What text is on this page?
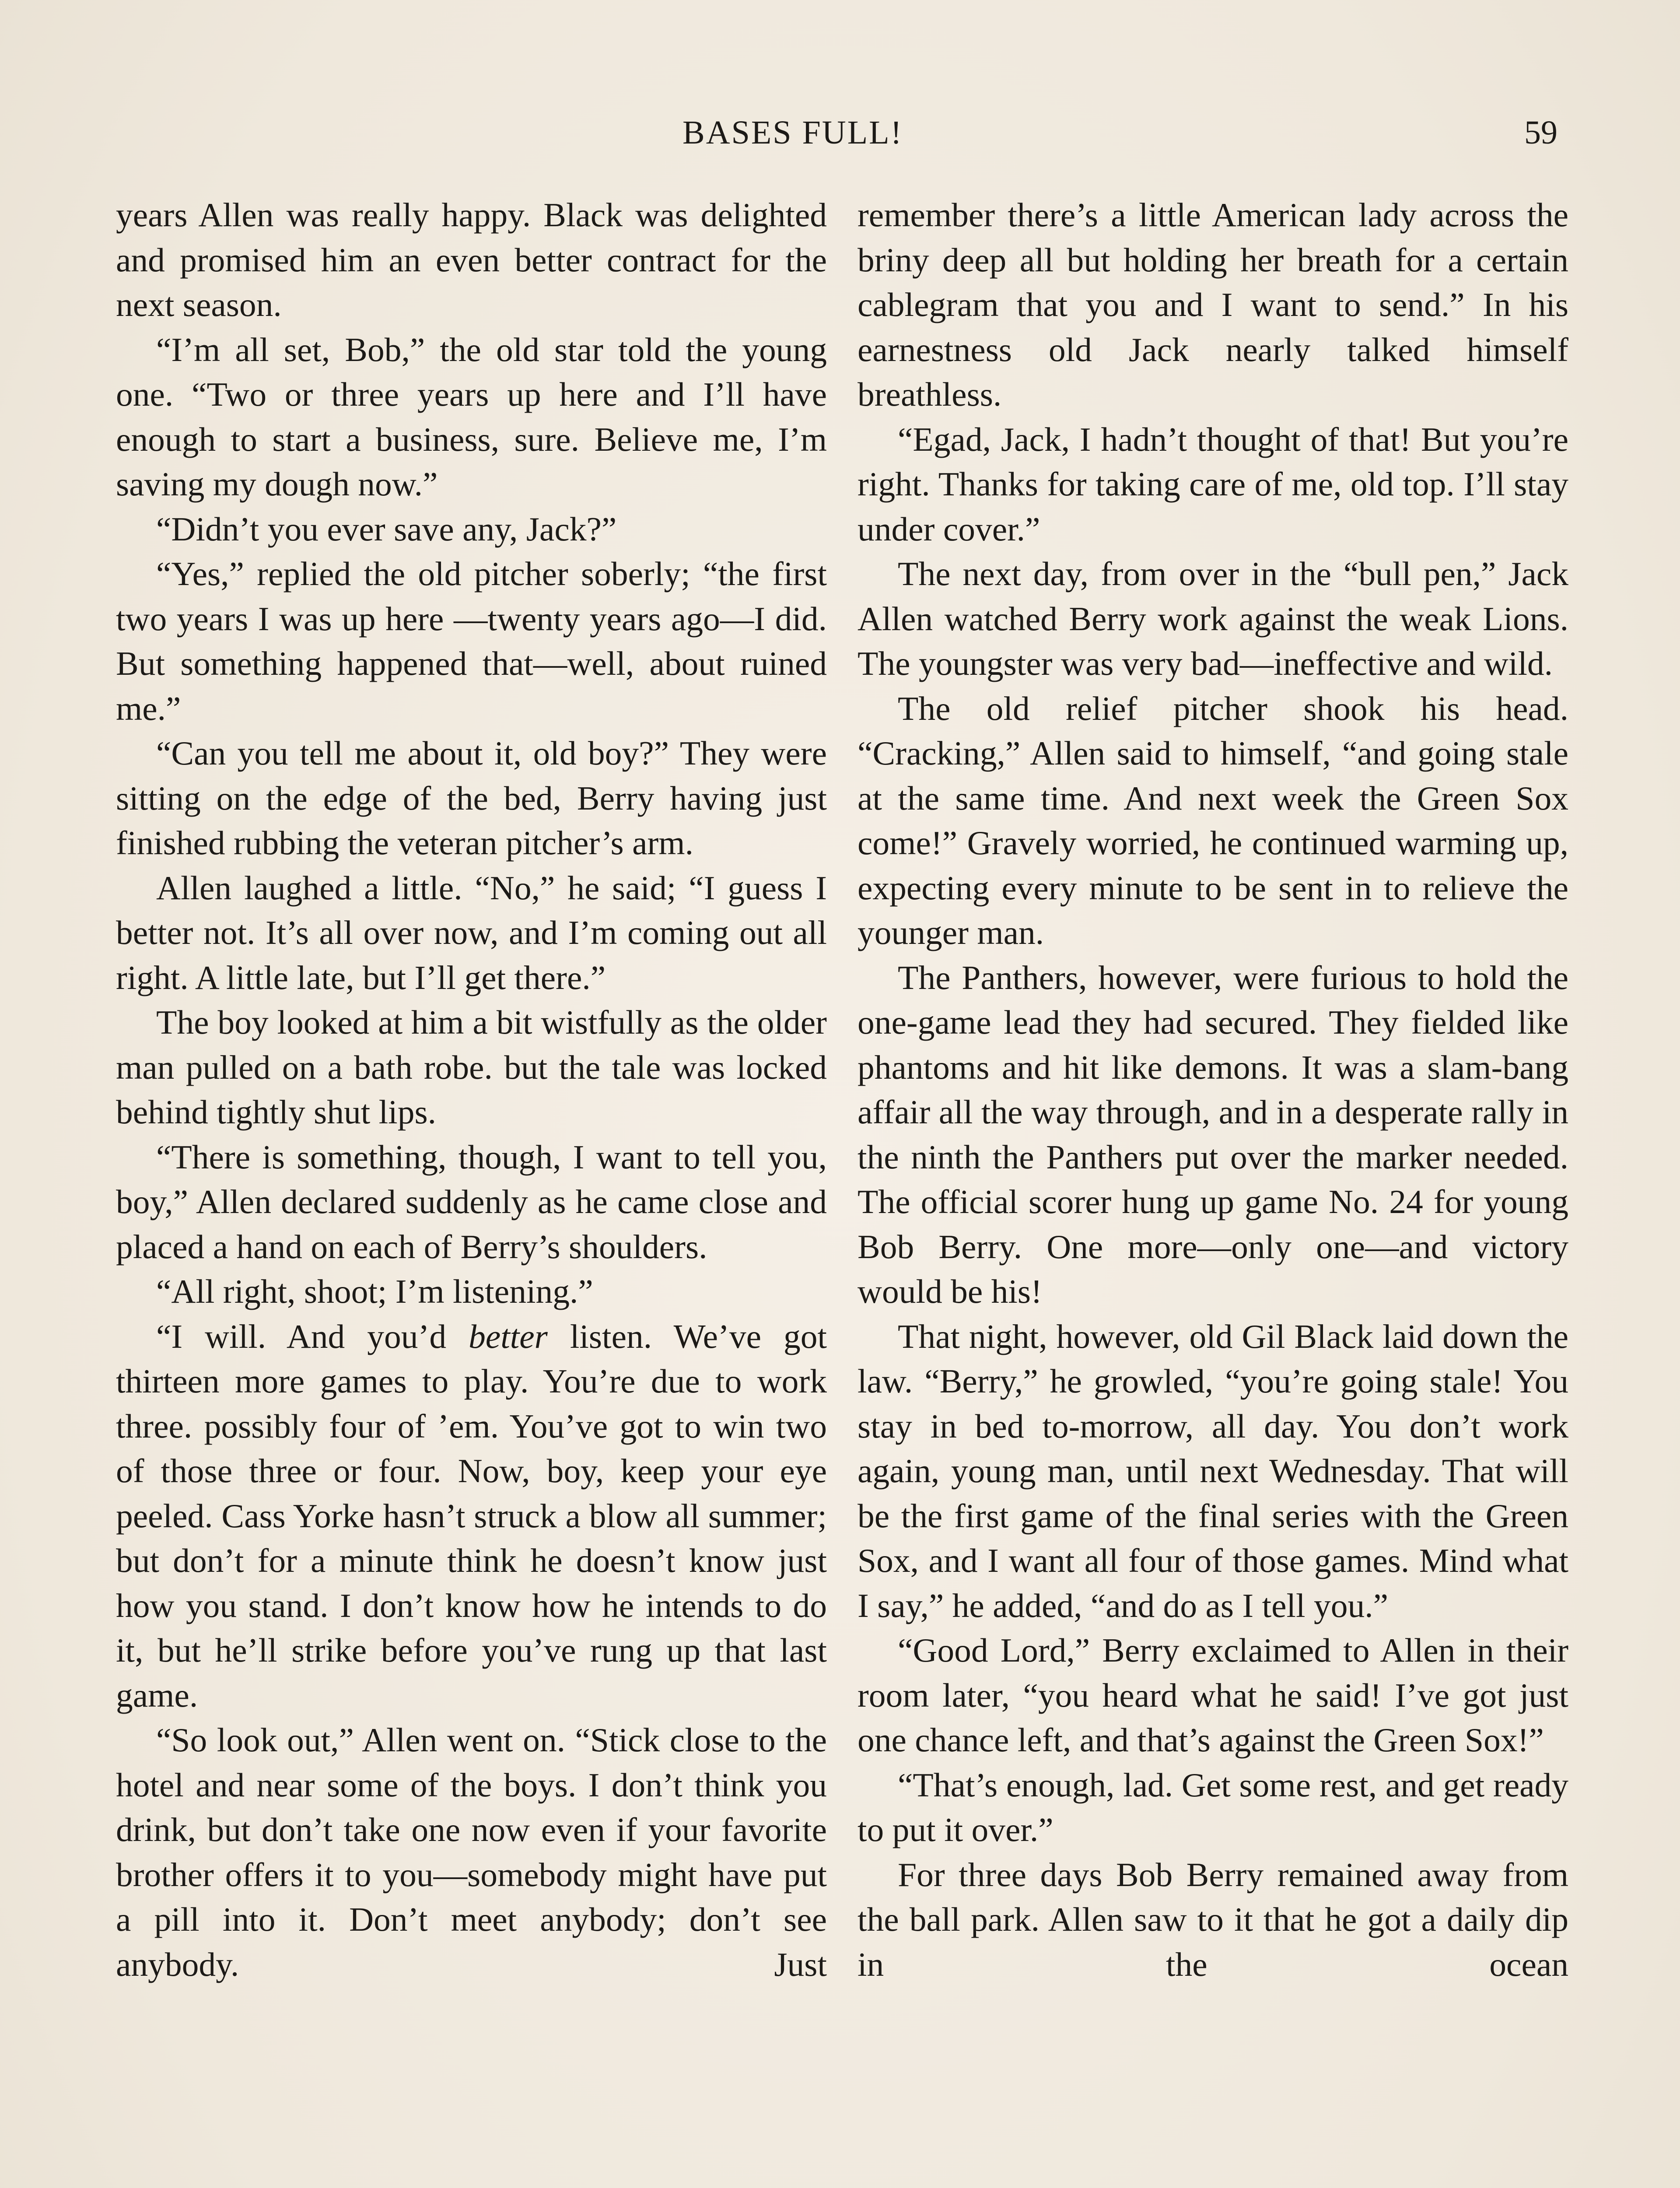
BASES FULL!	59

years Allen was really happy. Black was delighted and promised him an even better contract for the next season.

“I’m all set, Bob,” the old star told the young one. “Two or three years up here and I’ll have enough to start a business, sure. Believe me, I’m saving my dough now.”

“Didn’t you ever save any, Jack?”

“Yes,” replied the old pitcher soberly; “the first two years I was up here —twenty years ago—I did. But something happened that—well, about ruined me.”

“Can you tell me about it, old boy?” They were sitting on the edge of the bed, Berry having just finished rubbing the veteran pitcher’s arm.

Allen laughed a little. “No,” he said; “I guess I better not. It’s all over now, and I’m coming out all right. A little late, but I’ll get there.”

The boy looked at him a bit wistfully as the older man pulled on a bath robe. but the tale was locked behind tightly shut lips.

“There is something, though, I want to tell you, boy,” Allen declared suddenly as he came close and placed a hand on each of Berry’s shoulders.

“All right, shoot; I’m listening.”

“I will. And you’d better listen. We’ve got thirteen more games to play. You’re due to work three. possibly four of ’em. You’ve got to win two of those three or four. Now, boy, keep your eye peeled. Cass Yorke hasn’t struck a blow all summer; but don’t for a minute think he doesn’t know just how you stand. I don’t know how he intends to do it, but he’ll strike before you’ve rung up that last game.

“So look out,” Allen went on. “Stick close to the hotel and near some of the boys. I don’t think you drink, but don’t take one now even if your favorite brother offers it to you—somebody might have put a pill into it. Don’t meet anybody; don’t see anybody. Just

remember there’s a little American lady across the briny deep all but holding her breath for a certain cablegram that you and I want to send.” In his earnestness old Jack nearly talked himself breathless.

“Egad, Jack, I hadn’t thought of that! But you’re right. Thanks for taking care of me, old top. I’ll stay under cover.”

The next day, from over in the “bull pen,” Jack Allen watched Berry work against the weak Lions. The youngster was very bad—ineffective and wild.

The old relief pitcher shook his head. “Cracking,” Allen said to himself, “and going stale at the same time. And next week the Green Sox come!” Gravely worried, he continued warming up, expecting every minute to be sent in to relieve the younger man.

The Panthers, however, were furious to hold the one-game lead they had secured. They fielded like phantoms and hit like demons. It was a slam-bang affair all the way through, and in a desperate rally in the ninth the Panthers put over the marker needed. The official scorer hung up game No. 24 for young Bob Berry. One more—only one—and victory would be his!

That night, however, old Gil Black laid down the law. “Berry,” he growled, “you’re going stale! You stay in bed to-morrow, all day. You don’t work again, young man, until next Wednesday. That will be the first game of the final series with the Green Sox, and I want all four of those games. Mind what I say,” he added, “and do as I tell you.”

“Good Lord,” Berry exclaimed to Allen in their room later, “you heard what he said! I’ve got just one chance left, and that’s against the Green Sox!”

“That’s enough, lad. Get some rest, and get ready to put it over.”

For three days Bob Berry remained away from the ball park. Allen saw to it that he got a daily dip in the ocean
